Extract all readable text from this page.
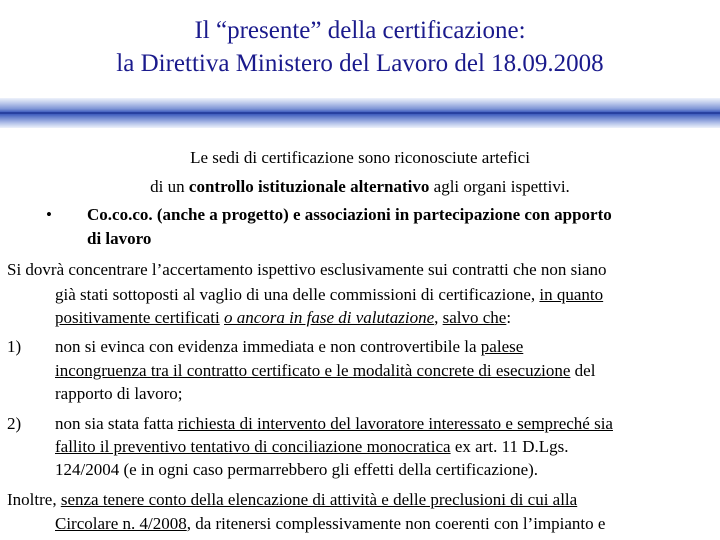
Il “presente” della certificazione:
la Direttiva Ministero del Lavoro del 18.09.2008
Le sedi di certificazione sono riconosciute artefici
di un controllo istituzionale alternativo agli organi ispettivi.
• Co.co.co. (anche a progetto) e associazioni in partecipazione con apporto
di lavoro
Si dovrà concentrare l’accertamento ispettivo esclusivamente sui contratti che non siano
già stati sottoposti al vaglio di una delle commissioni di certificazione, in quanto
positivamente certificati o ancora in fase di valutazione, salvo che:
1) non si evinca con evidenza immediata e non controvertibile la palese
incongruenza tra il contratto certificato e le modalità concrete di esecuzione del
rapporto di lavoro;
2) non sia stata fatta richiesta di intervento del lavoratore interessato e sempreché sia
fallito il preventivo tentativo di conciliazione monocratica ex art. 11 D.Lgs.
124/2004 (e in ogni caso permarrebbero gli effetti della certificazione).
Inoltre, senza tenere conto della elencazione di attività e delle preclusioni di cui alla
Circolare n. 4/2008, da ritenersi complessivamente non coerenti con l’impianto e
